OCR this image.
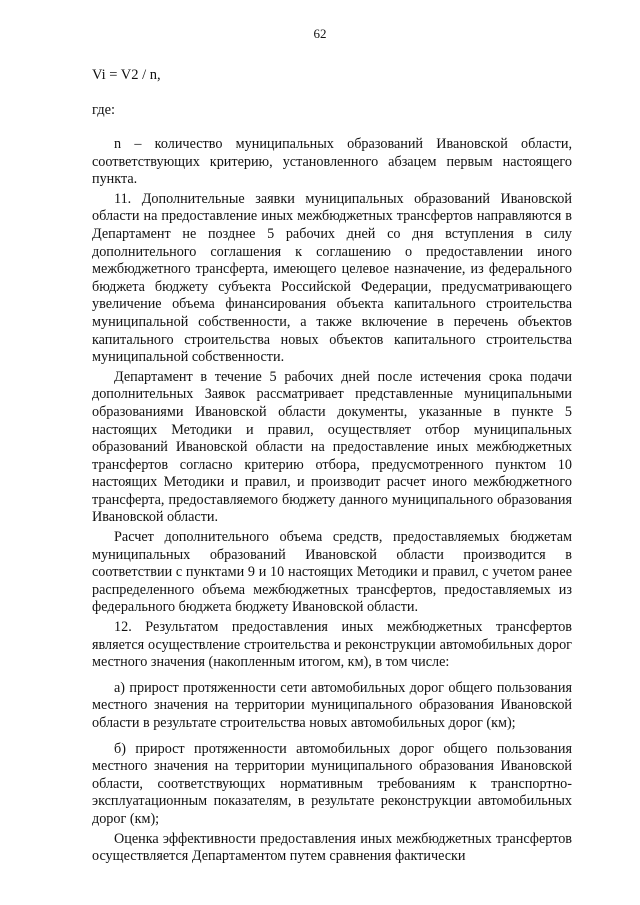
62
Vi = V2 / n,
где:

n – количество муниципальных образований Ивановской области, соответствующих критерию, установленного абзацем первым настоящего пункта.

11. Дополнительные заявки муниципальных образований Ивановской области на предоставление иных межбюджетных трансфертов направляются в Департамент не позднее 5 рабочих дней со дня вступления в силу дополнительного соглашения к соглашению о предоставлении иного межбюджетного трансферта, имеющего целевое назначение, из федерального бюджета бюджету субъекта Российской Федерации, предусматривающего увеличение объема финансирования объекта капитального строительства муниципальной собственности, а также включение в перечень объектов капитального строительства новых объектов капитального строительства муниципальной собственности.

Департамент в течение 5 рабочих дней после истечения срока подачи дополнительных Заявок рассматривает представленные муниципальными образованиями Ивановской области документы, указанные в пункте 5 настоящих Методики и правил, осуществляет отбор муниципальных образований Ивановской области на предоставление иных межбюджетных трансфертов согласно критерию отбора, предусмотренного пунктом 10 настоящих Методики и правил, и производит расчет иного межбюджетного трансферта, предоставляемого бюджету данного муниципального образования Ивановской области.

Расчет дополнительного объема средств, предоставляемых бюджетам муниципальных образований Ивановской области производится в соответствии с пунктами 9 и 10 настоящих Методики и правил, с учетом ранее распределенного объема межбюджетных трансфертов, предоставляемых из федерального бюджета бюджету Ивановской области.

12. Результатом предоставления иных межбюджетных трансфертов является осуществление строительства и реконструкции автомобильных дорог местного значения (накопленным итогом, км), в том числе:

а) прирост протяженности сети автомобильных дорог общего пользования местного значения на территории муниципального образования Ивановской области в результате строительства новых автомобильных дорог (км);

б) прирост протяженности автомобильных дорог общего пользования местного значения на территории муниципального образования Ивановской области, соответствующих нормативным требованиям к транспортно-эксплуатационным показателям, в результате реконструкции автомобильных дорог (км);

Оценка эффективности предоставления иных межбюджетных трансфертов осуществляется Департаментом путем сравнения фактически
